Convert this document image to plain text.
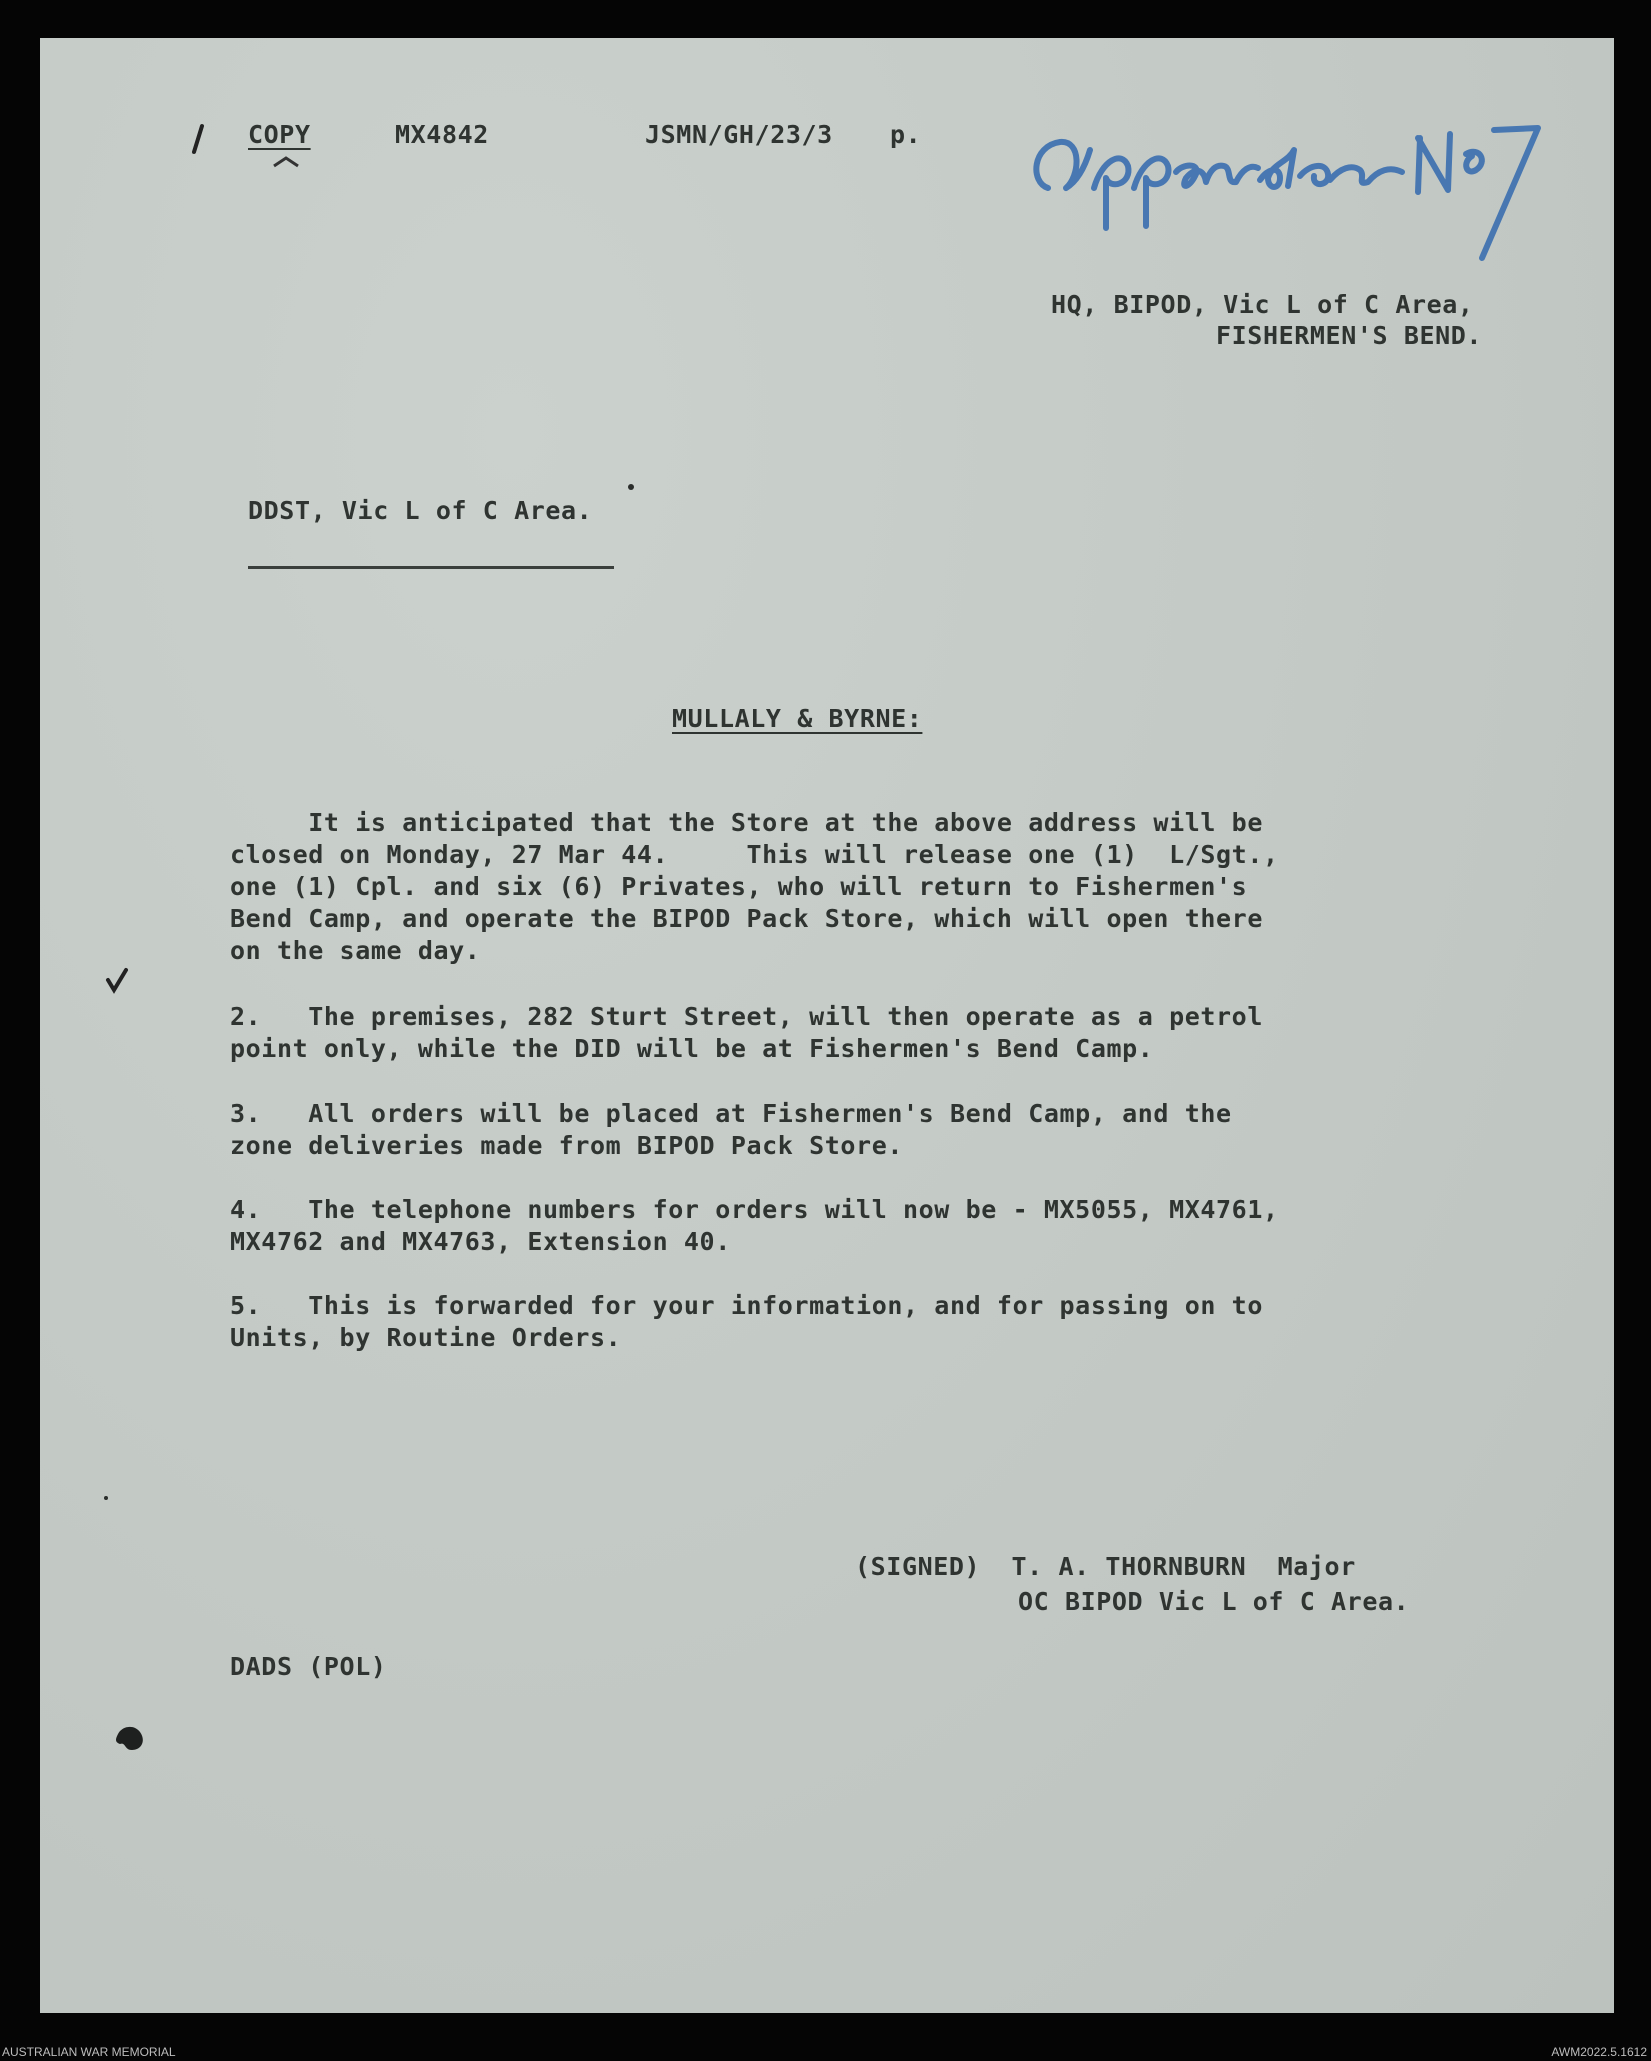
COPY	MX4842	JSMN/GH/23/3 p.
HQ, BIPOD, Vic L of C Area,
FISHERMEN'S BEND.
DDST, Vic L of C Area.
MULLALY & BYRNE:
It is anticipated that the Store at the above address will be
closed on Monday, 27 Mar 44.     This will release one (1)  L/Sgt.,
one (1) Cpl. and six (6) Privates, who will return to Fishermen's
Bend Camp, and operate the BIPOD Pack Store, which will open there
on the same day.
2.   The premises, 282 Sturt Street, will then operate as a petrol
point only, while the DID will be at Fishermen's Bend Camp.
3.   All orders will be placed at Fishermen's Bend Camp, and the
zone deliveries made from BIPOD Pack Store.
4.   The telephone numbers for orders will now be - MX5055, MX4761,
MX4762 and MX4763, Extension 40.
5.   This is forwarded for your information, and for passing on to
Units, by Routine Orders.
(SIGNED)  T. A. THORNBURN  Major
OC BIPOD Vic L of C Area.
DADS (POL)
AUSTRALIAN WAR MEMORIAL	AWM2022.5.1612
